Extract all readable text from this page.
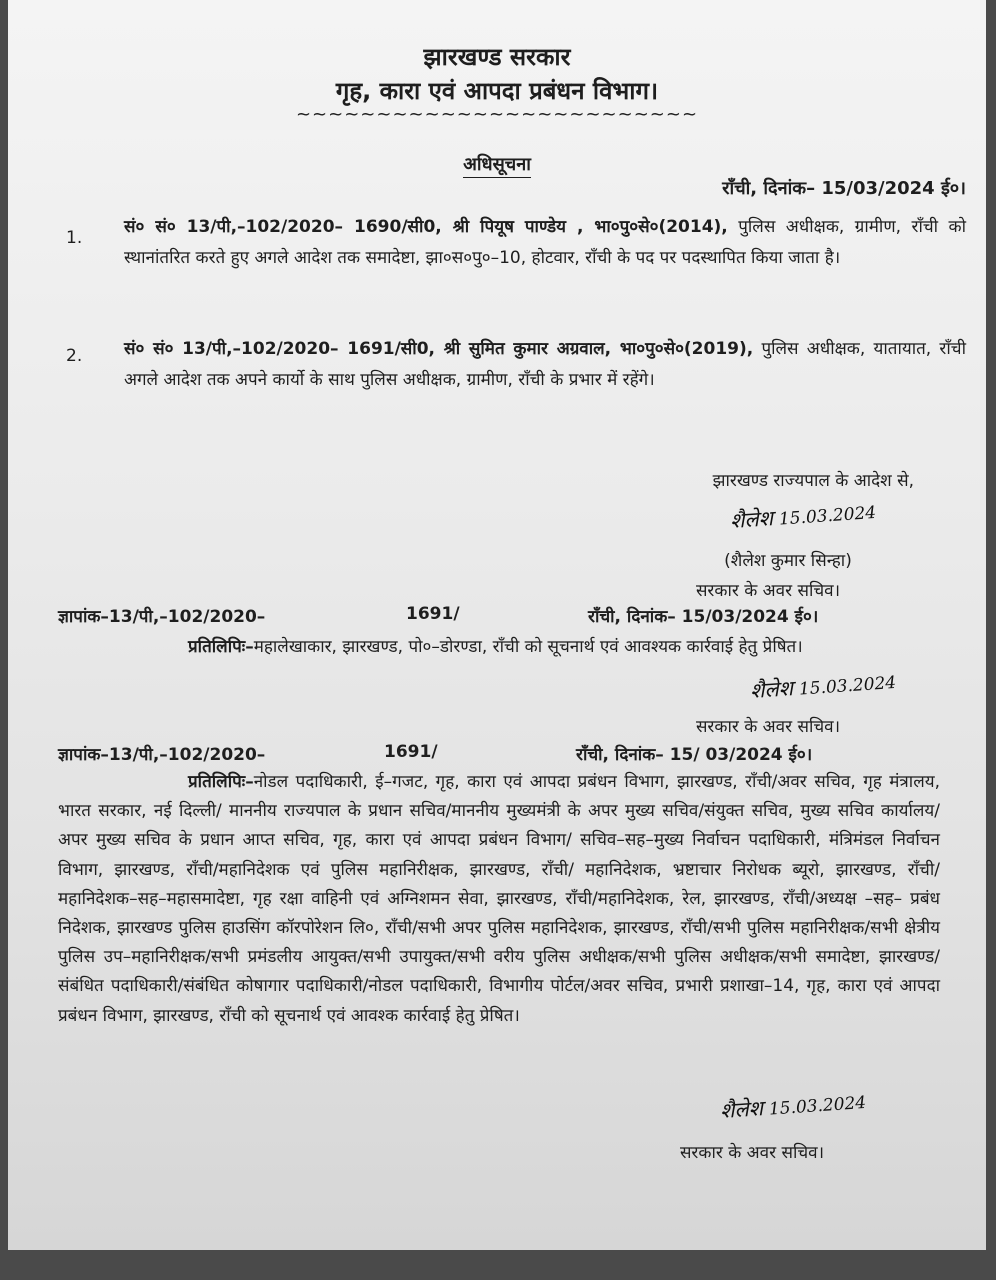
झारखण्ड सरकार
गृह, कारा एवं आपदा प्रबंधन विभाग।
~~~~~~~~~~~~~~~~~~~~~~~~~
अधिसूचना
राँची, दिनांक– 15/03/2024 ई०।
1.
सं० सं० 13/पी,–102/2020– 1690/सी0, श्री पियूष पाण्डेय , भा०पु०से०(2014), पुलिस अधीक्षक, ग्रामीण, राँची को स्थानांतरित करते हुए अगले आदेश तक समादेष्टा, झा०स०पु०–10, होटवार, राँची के पद पर पदस्थापित किया जाता है।
2. सं० सं० 13/पी,–102/2020– 1691/सी0, श्री सुमित कुमार अग्रवाल, भा०पु०से०(2019), पुलिस अधीक्षक, यातायात, राँची अगले आदेश तक अपने कार्यो के साथ पुलिस अधीक्षक, ग्रामीण, राँची के प्रभार में रहेंगे।
झारखण्ड राज्यपाल के आदेश से,
शैलेश 15.03.2024
(शैलेश कुमार सिन्हा)
सरकार के अवर सचिव।
ज्ञापांक–13/पी,–102/2020–	1691/	राँची, दिनांक– 15/03/2024 ई०।
प्रतिलिपिः–महालेखाकार, झारखण्ड, पो०–डोरण्डा, राँची को सूचनार्थ एवं आवश्यक कार्रवाई हेतु प्रेषित।
शैलेश 15.03.2024
सरकार के अवर सचिव।
ज्ञापांक–13/पी,–102/2020–	1691/	राँची, दिनांक– 15/ 03/2024 ई०।
प्रतिलिपिः–नोडल पदाधिकारी, ई–गजट, गृह, कारा एवं आपदा प्रबंधन विभाग, झारखण्ड, राँची/अवर सचिव, गृह मंत्रालय, भारत सरकार, नई दिल्ली/ माननीय राज्यपाल के प्रधान सचिव/माननीय मुख्यमंत्री के अपर मुख्य सचिव/संयुक्त सचिव, मुख्य सचिव कार्यालय/ अपर मुख्य सचिव के प्रधान आप्त सचिव, गृह, कारा एवं आपदा प्रबंधन विभाग/ सचिव–सह–मुख्य निर्वाचन पदाधिकारी, मंत्रिमंडल निर्वाचन विभाग, झारखण्ड, राँची/महानिदेशक एवं पुलिस महानिरीक्षक, झारखण्ड, राँची/ महानिदेशक, भ्रष्टाचार निरोधक ब्यूरो, झारखण्ड, राँची/ महानिदेशक–सह–महासमादेष्टा, गृह रक्षा वाहिनी एवं अग्निशमन सेवा, झारखण्ड, राँची/महानिदेशक, रेल, झारखण्ड, राँची/अध्यक्ष –सह– प्रबंध निदेशक, झारखण्ड पुलिस हाउसिंग कॉरपोरेशन लि०, राँची/सभी अपर पुलिस महानिदेशक, झारखण्ड, राँची/सभी पुलिस महानिरीक्षक/सभी क्षेत्रीय पुलिस उप–महानिरीक्षक/सभी प्रमंडलीय आयुक्त/सभी उपायुक्त/सभी वरीय पुलिस अधीक्षक/सभी पुलिस अधीक्षक/सभी समादेष्टा, झारखण्ड/संबंधित पदाधिकारी/संबंधित कोषागार पदाधिकारी/नोडल पदाधिकारी, विभागीय पोर्टल/अवर सचिव, प्रभारी प्रशाखा–14, गृह, कारा एवं आपदा प्रबंधन विभाग, झारखण्ड, राँची को सूचनार्थ एवं आवश्क कार्रवाई हेतु प्रेषित।
शैलेश 15.03.2024
सरकार के अवर सचिव।
